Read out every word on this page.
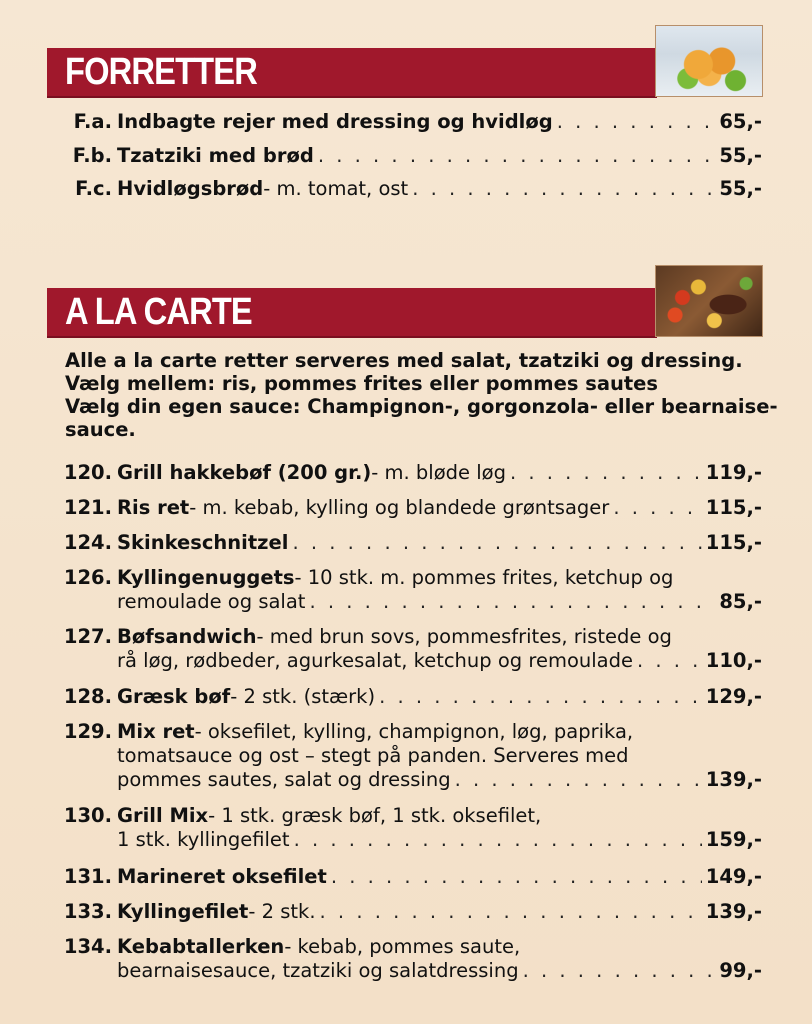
FORRETTER
F.a. Indbagte rejer med dressing og hvidløg . . .	65,-
F.b. Tzatziki med brød . . .	55,-
F.c. Hvidløgsbrød - m. tomat, ost . . .	55,-
A LA CARTE
Alle a la carte retter serveres med salat, tzatziki og dressing.
Vælg mellem: ris, pommes frites eller pommes sautes
Vælg din egen sauce: Champignon-, gorgonzola- eller bearnaise-
sauce.
120. Grill hakkebøf (200 gr.) - m. bløde løg . . .	119,-
121. Ris ret - m. kebab, kylling og blandede grøntsager . . .	115,-
124. Skinkeschnitzel . . .	115,-
126. Kyllingenuggets - 10 stk. m. pommes frites, ketchup og
remoulade og salat . . .	85,-
127. Bøfsandwich - med brun sovs, pommesfrites, ristede og
rå løg, rødbeder, agurkesalat, ketchup og remoulade . . .	110,-
128. Græsk bøf - 2 stk. (stærk) . . .	129,-
129. Mix ret - oksefilet, kylling, champignon, løg, paprika,
tomatsauce og ost – stegt på panden. Serveres med
pommes sautes, salat og dressing . . .	139,-
130. Grill Mix - 1 stk. græsk bøf, 1 stk. oksefilet,
1 stk. kyllingefilet . . .	159,-
131. Marineret oksefilet . . .	149,-
133. Kyllingefilet - 2 stk. . . .	139,-
134. Kebabtallerken - kebab, pommes saute,
bearnaisesauce, tzatziki og salatdressing . . .	99,-
